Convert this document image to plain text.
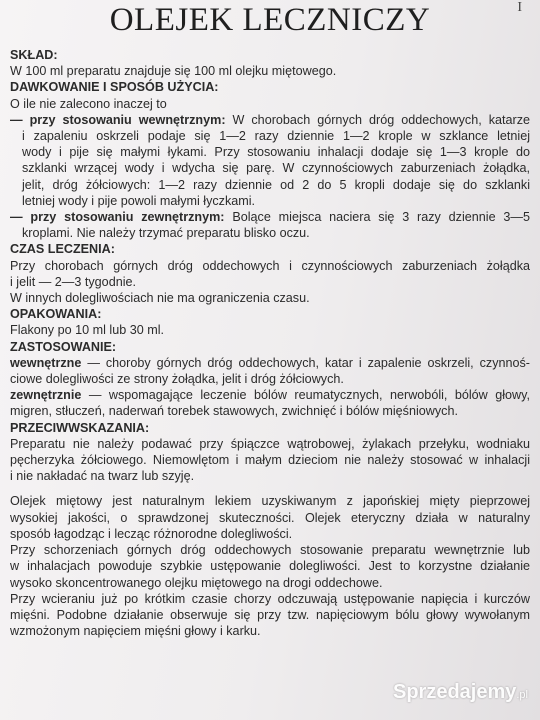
OLEJEK LECZNICZY	I
SKŁAD:
W 100 ml preparatu znajduje się 100 ml olejku miętowego.
DAWKOWANIE I SPOSÓB UŻYCIA:
O ile nie zalecono inaczej to
— przy stosowaniu wewnętrznym: W chorobach górnych dróg oddechowych, katarze
i zapaleniu oskrzeli podaje się 1—2 razy dziennie 1—2 krople w szklance letniej
wody i pije się małymi łykami. Przy stosowaniu inhalacji dodaje się 1—3 krople do
szklanki wrzącej wody i wdycha się parę. W czynnościowych zaburzeniach żołądka,
jelit, dróg żółciowych: 1—2 razy dziennie od 2 do 5 kropli dodaje się do szklanki
letniej wody i pije powoli małymi łyczkami.
— przy stosowaniu zewnętrznym: Bolące miejsca naciera się 3 razy dziennie 3—5
kroplami. Nie należy trzymać preparatu blisko oczu.
CZAS LECZENIA:
Przy chorobach górnych dróg oddechowych i czynnościowych zaburzeniach żołądka
i jelit — 2—3 tygodnie.
W innych dolegliwościach nie ma ograniczenia czasu.
OPAKOWANIA:
Flakony po 10 ml lub 30 ml.
ZASTOSOWANIE:
wewnętrzne — choroby górnych dróg oddechowych, katar i zapalenie oskrzeli, czynnoś-
ciowe dolegliwości ze strony żołądka, jelit i dróg żółciowych.
zewnętrznie — wspomagające leczenie bólów reumatycznych, nerwobóli, bólów głowy,
migren, stłuczeń, naderwań torebek stawowych, zwichnięć i bólów mięśniowych.
PRZECIWWSKAZANIA:
Preparatu nie należy podawać przy śpiączce wątrobowej, żylakach przełyku, wodniaku
pęcherzyka żółciowego. Niemowlętom i małym dzieciom nie należy stosować w inhalacji
i nie nakładać na twarz lub szyję.
Olejek miętowy jest naturalnym lekiem uzyskiwanym z japońskiej mięty pieprzowej
wysokiej jakości, o sprawdzonej skuteczności. Olejek eteryczny działa w naturalny
sposób łagodząc i lecząc różnorodne dolegliwości.
Przy schorzeniach górnych dróg oddechowych stosowanie preparatu wewnętrznie lub
w inhalacjach powoduje szybkie ustępowanie dolegliwości. Jest to korzystne działanie
wysoko skoncentrowanego olejku miętowego na drogi oddechowe.
Przy wcieraniu już po krótkim czasie chorzy odczuwają ustępowanie napięcia i kurczów
mięśni. Podobne działanie obserwuje się przy tzw. napięciowym bólu głowy wywołanym
wzmożonym napięciem mięśni głowy i karku.
Sprzedajemy.pl
